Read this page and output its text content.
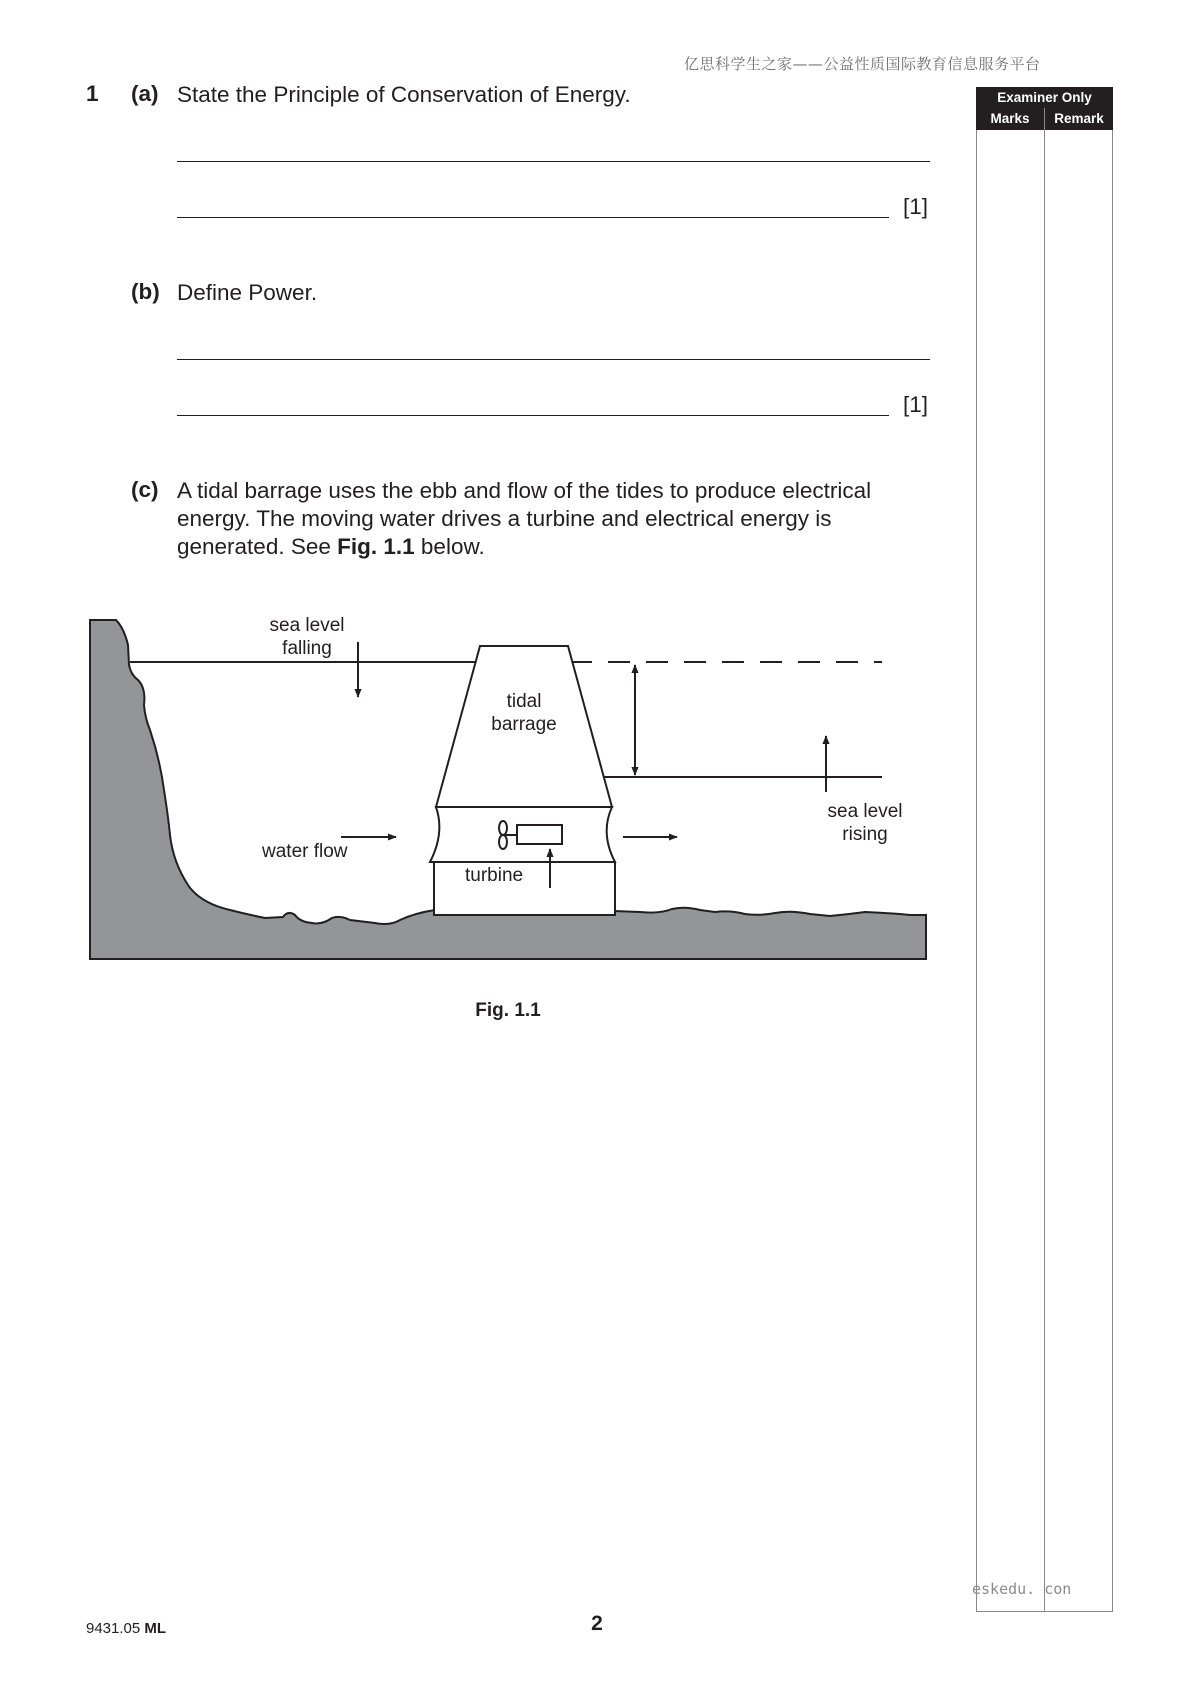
亿思科学生之家——公益性质国际教育信息服务平台
Examiner Only
Marks	Remark
1 (a) State the Principle of Conservation of Energy.
[1]
(b) Define Power.
[1]
(c) A tidal barrage uses the ebb and flow of the tides to produce electrical
energy. The moving water drives a turbine and electrical energy is
generated. See Fig. 1.1 below.
sea level
falling
tidal
barrage
sea level
rising
water flow
turbine
Fig. 1.1
9431.05 ML	2
eskedu. con
